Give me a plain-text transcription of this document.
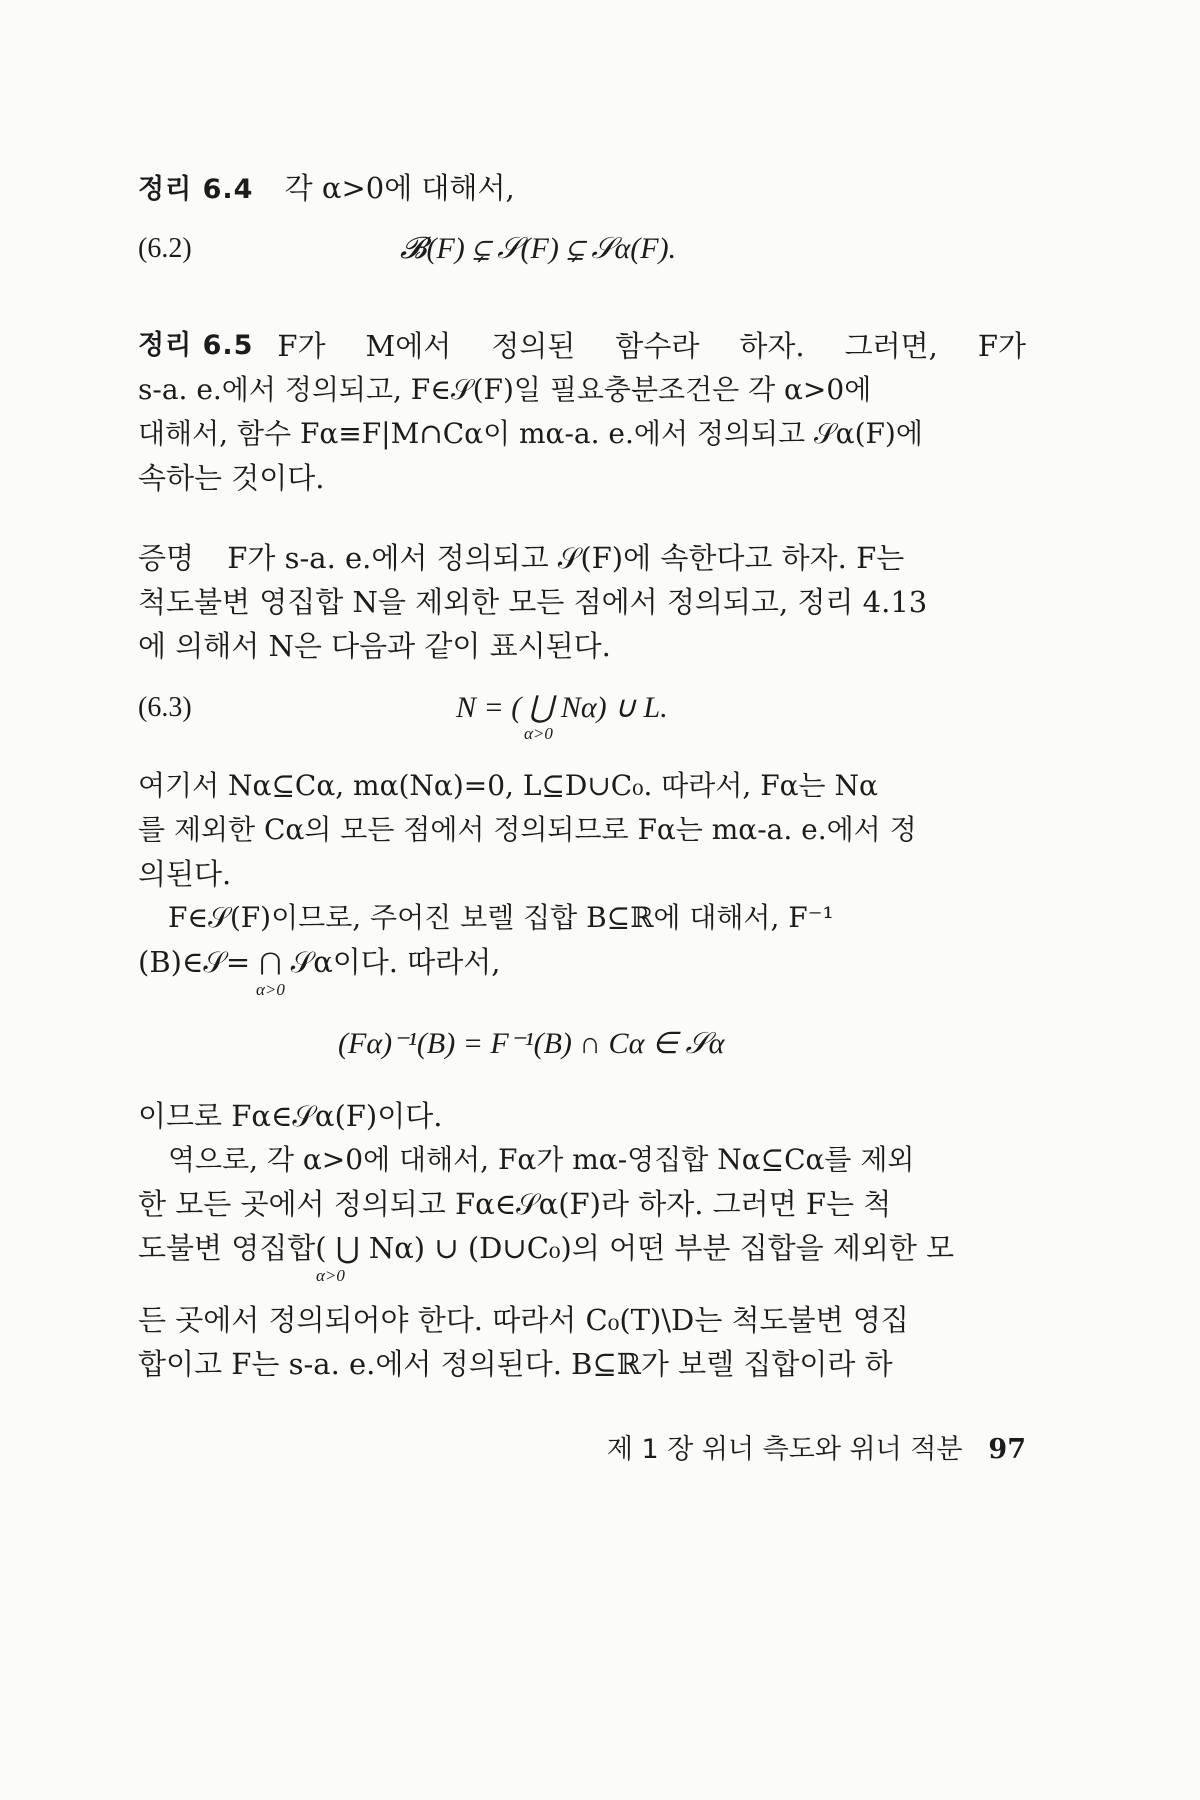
정리 6.4 각 α>0에 대해서,
(6.2)	𝓑(F) ⊊ 𝒮(F) ⊊ 𝒮α(F).
정리 6.5 F가 M에서 정의된 함수라 하자. 그러면, F가
s-a. e.에서 정의되고, F∈𝒮(F)일 필요충분조건은 각 α>0에
대해서, 함수 Fα≡F|M∩Cα이 mα-a. e.에서 정의되고 𝒮α(F)에
속하는 것이다.
증명 F가 s-a. e.에서 정의되고 𝒮(F)에 속한다고 하자. F는
척도불변 영집합 N을 제외한 모든 점에서 정의되고, 정리 4.13
에 의해서 N은 다음과 같이 표시된다.
(6.3)	N = ( ⋃ Nα) ∪ L.
α>0
여기서 Nα⊆Cα, mα(Nα)=0, L⊆D∪C₀. 따라서, Fα는 Nα
를 제외한 Cα의 모든 점에서 정의되므로 Fα는 mα-a. e.에서 정
의된다.
F∈𝒮(F)이므로, 주어진 보렐 집합 B⊆ℝ에 대해서, F⁻¹
(B)∈𝒮= ⋂ 𝒮α이다. 따라서,
α>0
(Fα)⁻¹(B) = F⁻¹(B) ∩ Cα ∈ 𝒮α
이므로 Fα∈𝒮α(F)이다.
역으로, 각 α>0에 대해서, Fα가 mα-영집합 Nα⊆Cα를 제외
한 모든 곳에서 정의되고 Fα∈𝒮α(F)라 하자. 그러면 F는 척
도불변 영집합( ⋃ Nα) ∪ (D∪C₀)의 어떤 부분 집합을 제외한 모
α>0
든 곳에서 정의되어야 한다. 따라서 C₀(T)\D는 척도불변 영집
합이고 F는 s-a. e.에서 정의된다. B⊆ℝ가 보렐 집합이라 하
제 1 장 위너 측도와 위너 적분 97
